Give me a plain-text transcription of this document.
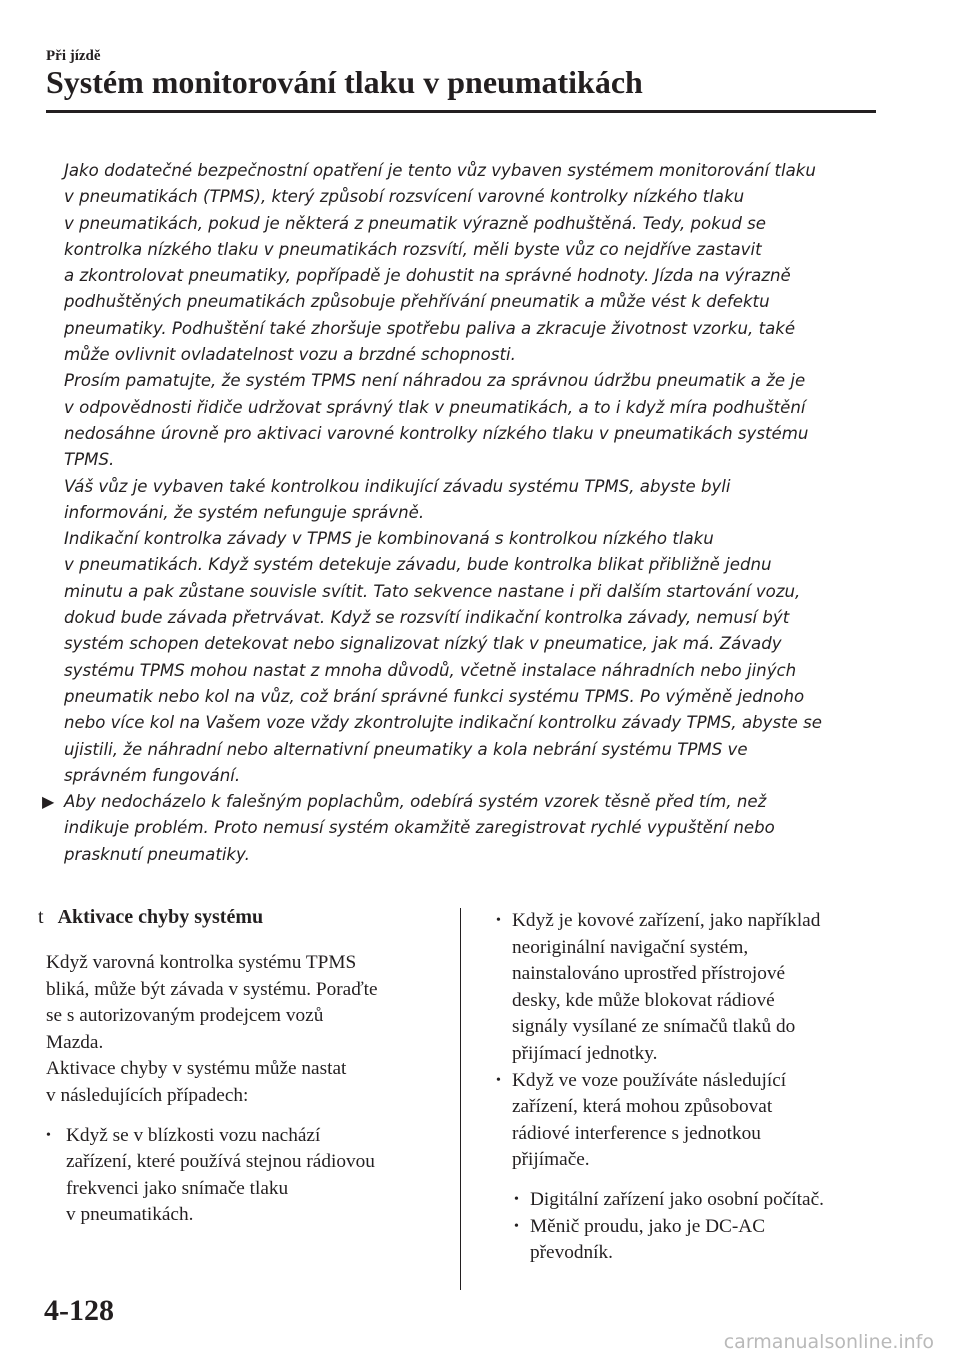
Při jízdě
Systém monitorování tlaku v pneumatikách

Jako dodatečné bezpečnostní opatření je tento vůz vybaven systémem monitorování tlaku
v pneumatikách (TPMS), který způsobí rozsvícení varovné kontrolky nízkého tlaku
v pneumatikách, pokud je některá z pneumatik výrazně podhuštěná. Tedy, pokud se
kontrolka nízkého tlaku v pneumatikách rozsvítí, měli byste vůz co nejdříve zastavit
a zkontrolovat pneumatiky, popřípadě je dohustit na správné hodnoty. Jízda na výrazně
podhuštěných pneumatikách způsobuje přehřívání pneumatik a může vést k defektu
pneumatiky. Podhuštění také zhoršuje spotřebu paliva a zkracuje životnost vzorku, také
může ovlivnit ovladatelnost vozu a brzdné schopnosti.
Prosím pamatujte, že systém TPMS není náhradou za správnou údržbu pneumatik a že je
v odpovědnosti řidiče udržovat správný tlak v pneumatikách, a to i když míra podhuštění
nedosáhne úrovně pro aktivaci varovné kontrolky nízkého tlaku v pneumatikách systému
TPMS.
Váš vůz je vybaven také kontrolkou indikující závadu systému TPMS, abyste byli
informováni, že systém nefunguje správně.
Indikační kontrolka závady v TPMS je kombinovaná s kontrolkou nízkého tlaku
v pneumatikách. Když systém detekuje závadu, bude kontrolka blikat přibližně jednu
minutu a pak zůstane souvisle svítit. Tato sekvence nastane i při dalším startování vozu,
dokud bude závada přetrvávat. Když se rozsvítí indikační kontrolka závady, nemusí být
systém schopen detekovat nebo signalizovat nízký tlak v pneumatice, jak má. Závady
systému TPMS mohou nastat z mnoha důvodů, včetně instalace náhradních nebo jiných
pneumatik nebo kol na vůz, což brání správné funkci systému TPMS. Po výměně jednoho
nebo více kol na Vašem voze vždy zkontrolujte indikační kontrolku závady TPMS, abyste se
ujistili, že náhradní nebo alternativní pneumatiky a kola nebrání systému TPMS ve
správném fungování.

▶ Aby nedocházelo k falešným poplachům, odebírá systém vzorek těsně před tím, než
indikuje problém. Proto nemusí systém okamžitě zaregistrovat rychlé vypuštění nebo
prasknutí pneumatiky.
t Aktivace chyby systému

Když varovná kontrolka systému TPMS
bliká, může být závada v systému. Poraďte
se s autorizovaným prodejcem vozů
Mazda.
Aktivace chyby v systému může nastat
v následujících případech:

• Když se v blízkosti vozu nachází
zařízení, které používá stejnou rádiovou
frekvenci jako snímače tlaku
v pneumatikách.
• Když je kovové zařízení, jako například
neoriginální navigační systém,
nainstalováno uprostřed přístrojové
desky, kde může blokovat rádiové
signály vysílané ze snímačů tlaků do
přijímací jednotky.
• Když ve voze používáte následující
zařízení, která mohou způsobovat
rádiové interference s jednotkou
přijímače.
• Digitální zařízení jako osobní počítač.
• Měnič proudu, jako je DC-AC
převodník.
4-128
carmanualsonline.info
